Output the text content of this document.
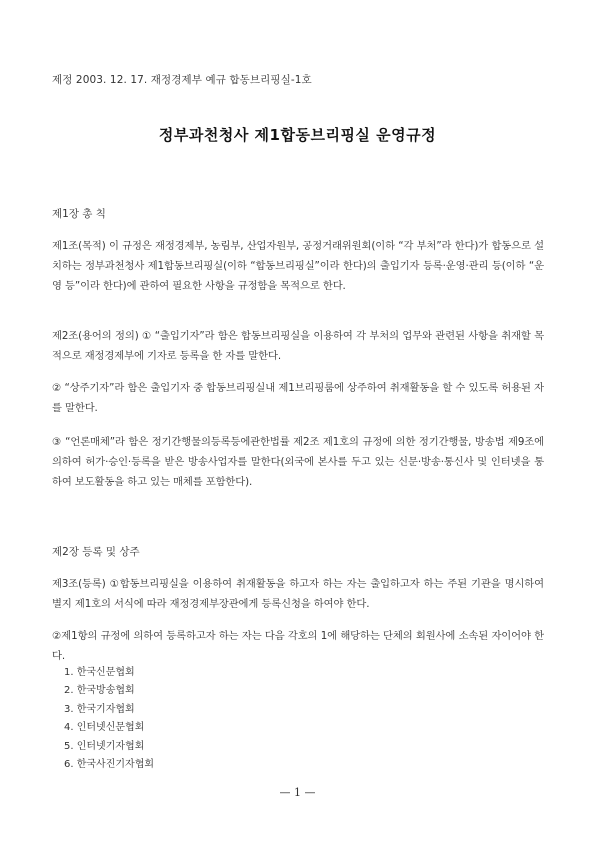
제정 2003. 12. 17. 재정경제부 예규 합동브리핑실-1호
정부과천청사 제1합동브리핑실 운영규정
제1장 총 칙
제1조(목적) 이 규정은 재정경제부, 농림부, 산업자원부, 공정거래위원회(이하 “각 부처”라 한다)가 합동으로 설치하는 정부과천청사 제1합동브리핑실(이하 “합동브리핑실”이라 한다)의 출입기자 등록·운영·관리 등(이하 “운영 등”이라 한다)에 관하여 필요한 사항을 규정함을 목적으로 한다.
제2조(용어의 정의) ① “출입기자”라 함은 합동브리핑실을 이용하여 각 부처의 업무와 관련된 사항을 취재할 목적으로 재정경제부에 기자로 등록을 한 자를 말한다.
② “상주기자”라 함은 출입기자 중 합동브리핑실내 제1브리핑룸에 상주하여 취재활동을 할 수 있도록 허용된 자를 말한다.
③ “언론매체”라 함은 정기간행물의등록등에관한법률 제2조 제1호의 규정에 의한 정기간행물, 방송법 제9조에 의하여 허가·승인·등록을 받은 방송사업자를 말한다(외국에 본사를 두고 있는 신문·방송·통신사 및 인터넷을 통하여 보도활동을 하고 있는 매체를 포함한다).
제2장 등록 및 상주
제3조(등록) ①합동브리핑실을 이용하여 취재활동을 하고자 하는 자는 출입하고자 하는 주된 기관을 명시하여 별지 제1호의 서식에 따라 재정경제부장관에게 등록신청을 하여야 한다.
②제1항의 규정에 의하여 등록하고자 하는 자는 다음 각호의 1에 해당하는 단체의 회원사에 소속된 자이어야 한다.
1. 한국신문협회
2. 한국방송협회
3. 한국기자협회
4. 인터넷신문협회
5. 인터넷기자협회
6. 한국사진기자협회
— 1 —
